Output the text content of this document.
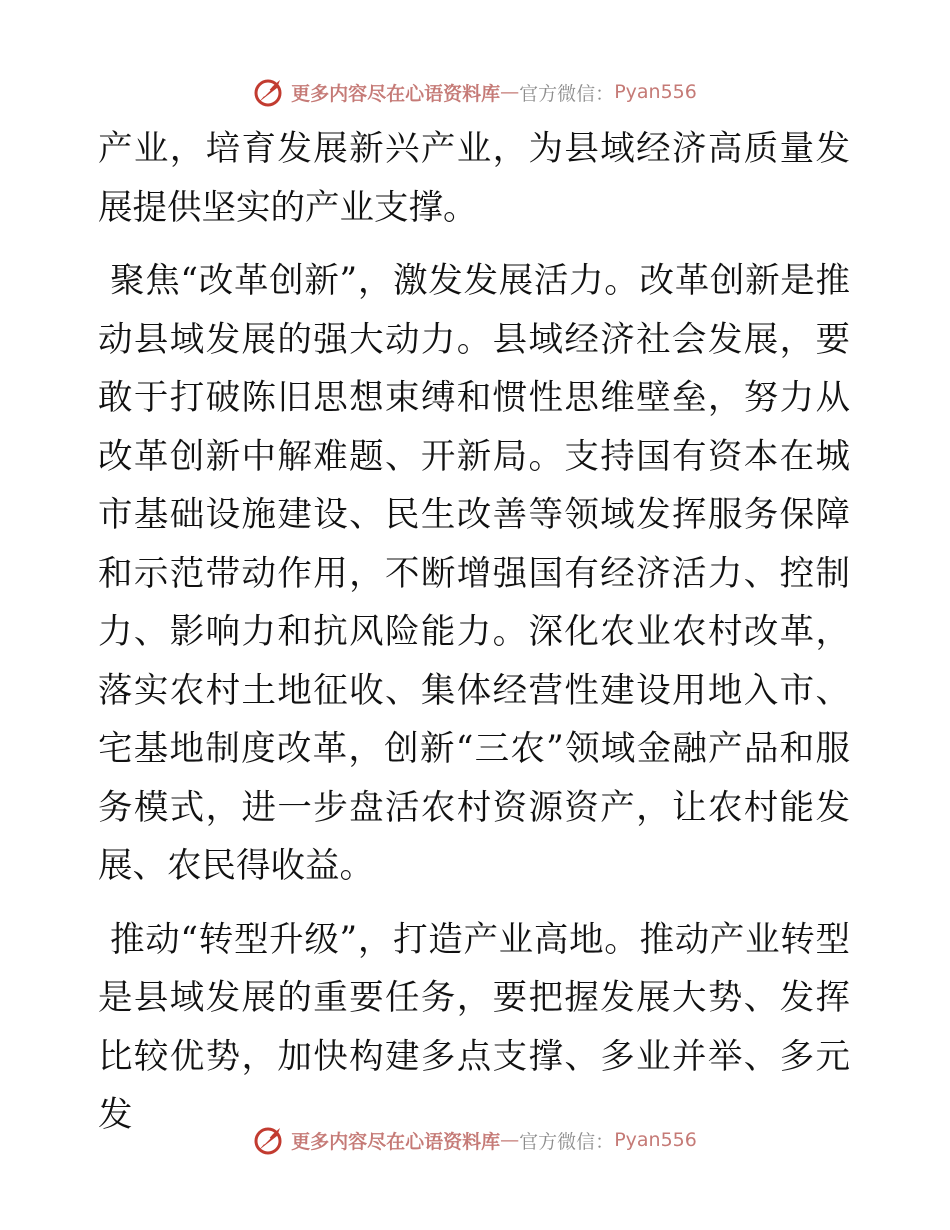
更多内容尽在心语资料库 — 官方微信： Pyan556

产业，培育发展新兴产业，为县域经济高质量发展提供坚实的产业支撑。

聚焦“改革创新”，激发发展活力。改革创新是推动县域发展的强大动力。县域经济社会发展，要敢于打破陈旧思想束缚和惯性思维壁垒，努力从改革创新中解难题、开新局。支持国有资本在城市基础设施建设、民生改善等领域发挥服务保障和示范带动作用，不断增强国有经济活力、控制力、影响力和抗风险能力。深化农业农村改革，落实农村土地征收、集体经营性建设用地入市、宅基地制度改革，创新“三农”领域金融产品和服务模式，进一步盘活农村资源资产，让农村能发展、农民得收益。

推动“转型升级”，打造产业高地。推动产业转型是县域发展的重要任务，要把握发展大势、发挥比较优势，加快构建多点支撑、多业并举、多元发

更多内容尽在心语资料库 — 官方微信： Pyan556
